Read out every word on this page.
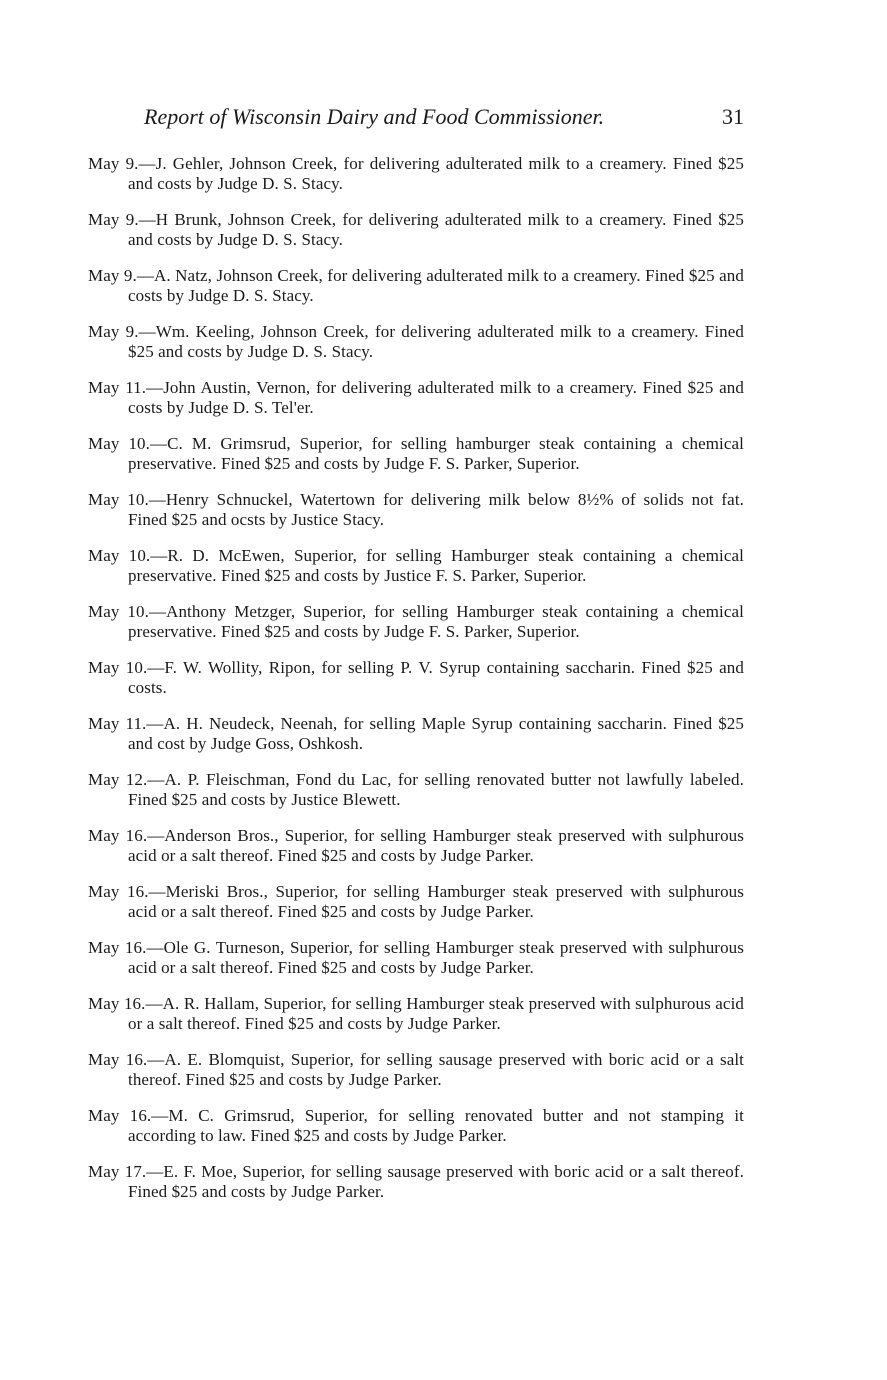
Report of Wisconsin Dairy and Food Commissioner.	31

May 9.—J. Gehler, Johnson Creek, for delivering adulterated milk to a creamery. Fined $25 and costs by Judge D. S. Stacy.

May 9.—H Brunk, Johnson Creek, for delivering adulterated milk to a creamery. Fined $25 and costs by Judge D. S. Stacy.

May 9.—A. Natz, Johnson Creek, for delivering adulterated milk to a creamery. Fined $25 and costs by Judge D. S. Stacy.

May 9.—Wm. Keeling, Johnson Creek, for delivering adulterated milk to a creamery. Fined $25 and costs by Judge D. S. Stacy.

May 11.—John Austin, Vernon, for delivering adulterated milk to a creamery. Fined $25 and costs by Judge D. S. Tel'er.

May 10.—C. M. Grimsrud, Superior, for selling hamburger steak containing a chemical preservative. Fined $25 and costs by Judge F. S. Parker, Superior.

May 10.—Henry Schnuckel, Watertown for delivering milk below 8½% of solids not fat. Fined $25 and ocsts by Justice Stacy.

May 10.—R. D. McEwen, Superior, for selling Hamburger steak containing a chemical preservative. Fined $25 and costs by Justice F. S. Parker, Superior.

May 10.—Anthony Metzger, Superior, for selling Hamburger steak containing a chemical preservative. Fined $25 and costs by Judge F. S. Parker, Superior.

May 10.—F. W. Wollity, Ripon, for selling P. V. Syrup containing saccharin. Fined $25 and costs.

May 11.—A. H. Neudeck, Neenah, for selling Maple Syrup containing saccharin. Fined $25 and cost by Judge Goss, Oshkosh.

May 12.—A. P. Fleischman, Fond du Lac, for selling renovated butter not lawfully labeled. Fined $25 and costs by Justice Blewett.

May 16.—Anderson Bros., Superior, for selling Hamburger steak preserved with sulphurous acid or a salt thereof. Fined $25 and costs by Judge Parker.

May 16.—Meriski Bros., Superior, for selling Hamburger steak preserved with sulphurous acid or a salt thereof. Fined $25 and costs by Judge Parker.

May 16.—Ole G. Turneson, Superior, for selling Hamburger steak preserved with sulphurous acid or a salt thereof. Fined $25 and costs by Judge Parker.

May 16.—A. R. Hallam, Superior, for selling Hamburger steak preserved with sulphurous acid or a salt thereof. Fined $25 and costs by Judge Parker.

May 16.—A. E. Blomquist, Superior, for selling sausage preserved with boric acid or a salt thereof. Fined $25 and costs by Judge Parker.

May 16.—M. C. Grimsrud, Superior, for selling renovated butter and not stamping it according to law. Fined $25 and costs by Judge Parker.

May 17.—E. F. Moe, Superior, for selling sausage preserved with boric acid or a salt thereof. Fined $25 and costs by Judge Parker.
